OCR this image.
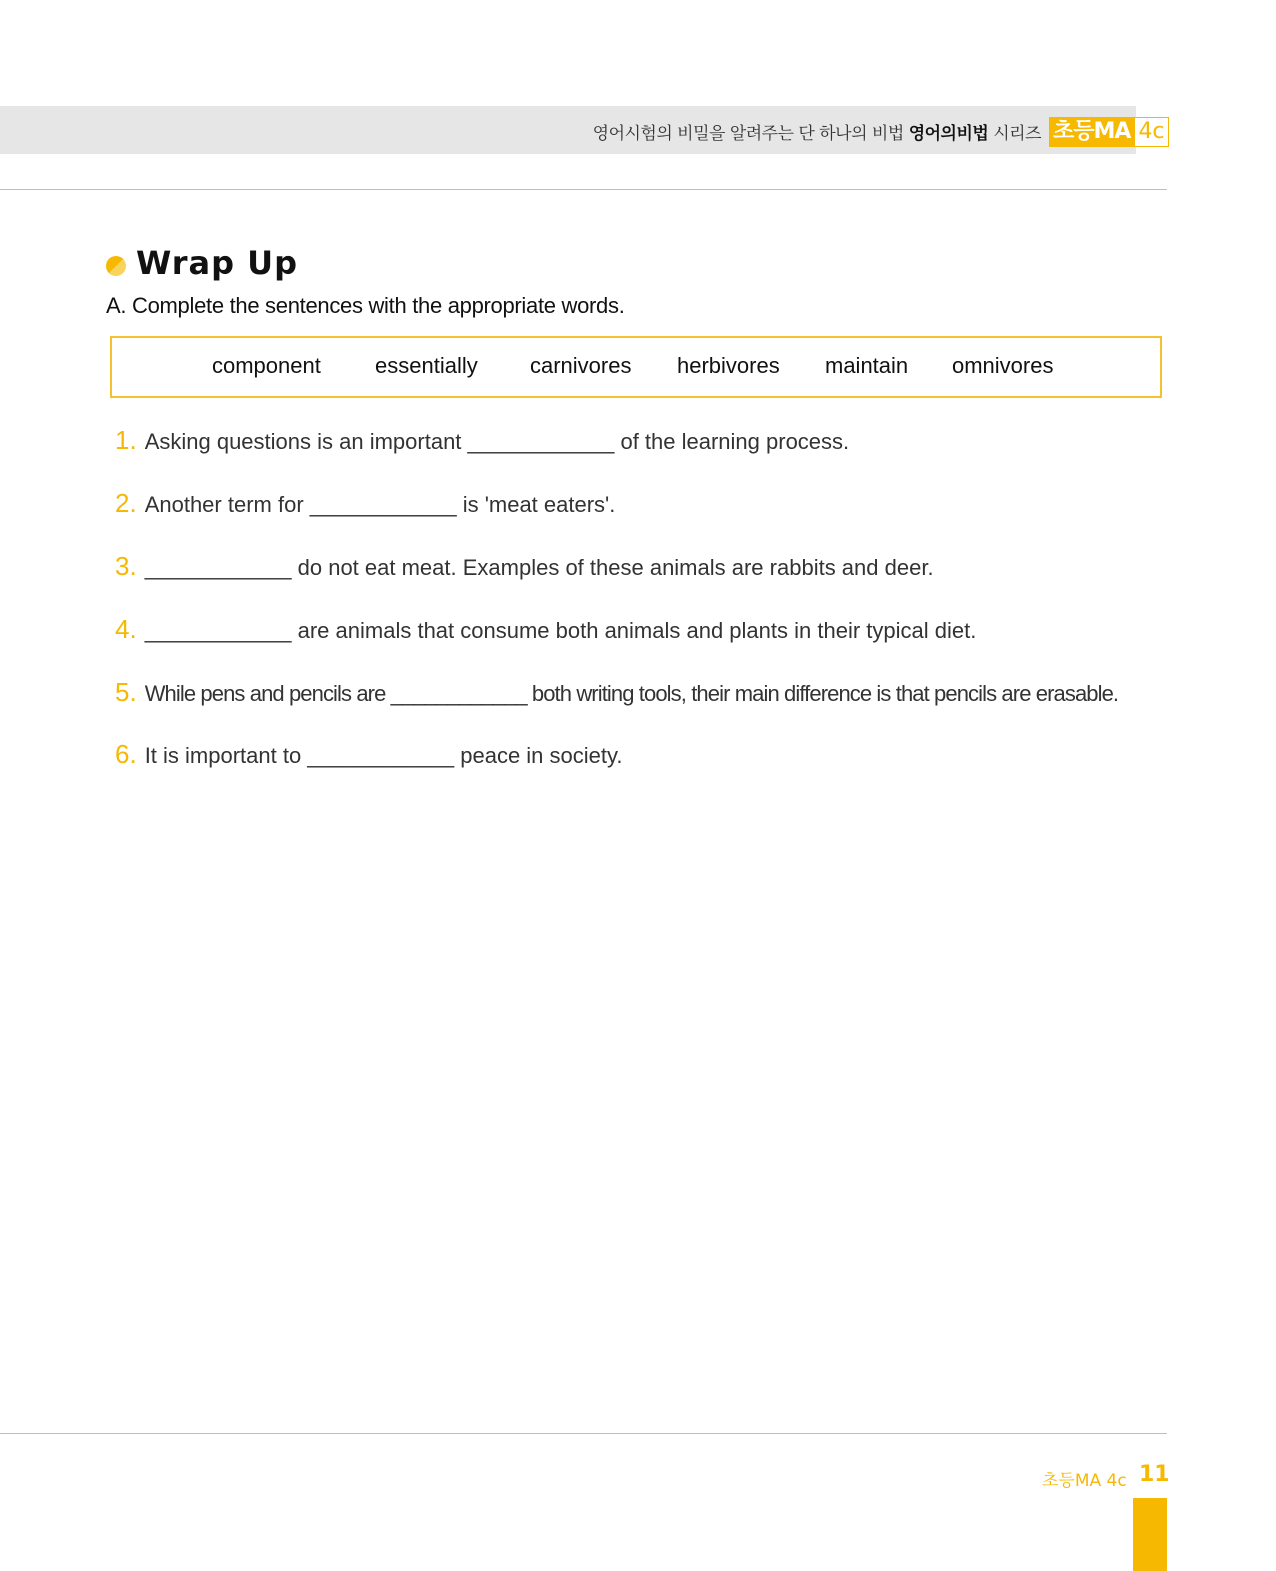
영어시험의 비밀을 알려주는 단 하나의 비법 영어의비법 시리즈 초등MA 4c
Wrap Up
A. Complete the sentences with the appropriate words.
component essentially carnivores herbivores maintain omnivores
1. Asking questions is an important ____________ of the learning process.
2. Another term for ____________ is 'meat eaters'.
3. ____________ do not eat meat. Examples of these animals are rabbits and deer.
4. ____________ are animals that consume both animals and plants in their typical diet.
5. While pens and pencils are ____________ both writing tools, their main difference is that pencils are erasable.
6. It is important to ____________ peace in society.
초등MA 4c 11
